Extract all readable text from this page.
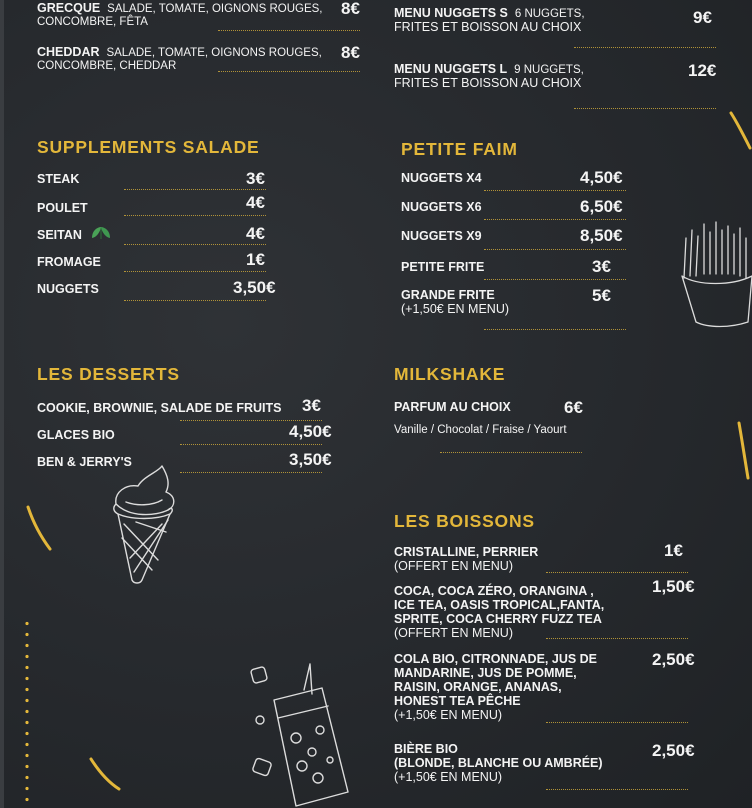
GRECQUE SALADE, TOMATE, OIGNONS ROUGES,
CONCOMBRE, FÊTA
8€
CHEDDAR SALADE, TOMATE, OIGNONS ROUGES,
CONCOMBRE, CHEDDAR
8€
SUPPLEMENTS SALADE
STEAK	3€
POULET	4€
SEITAN	4€
FROMAGE	1€
NUGGETS	3,50€
LES DESSERTS
COOKIE, BROWNIE, SALADE DE FRUITS 3€
GLACES BIO	4,50€
BEN & JERRY'S	3,50€
MENU NUGGETS S 6 NUGGETS,
FRITES ET BOISSON AU CHOIX	9€
MENU NUGGETS L 9 NUGGETS,
FRITES ET BOISSON AU CHOIX
12€
PETITE FAIM
NUGGETS X4	4,50€
NUGGETS X6	6,50€
NUGGETS X9	8,50€
PETITE FRITE	3€
GRANDE FRITE
(+1,50€ EN MENU)
5€
MILKSHAKE
PARFUM AU CHOIX	6€
Vanille / Chocolat / Fraise / Yaourt
LES BOISSONS
CRISTALLINE, PERRIER
(OFFERT EN MENU)
1€
COCA, COCA ZÉRO, ORANGINA ,
ICE TEA, OASIS TROPICAL,FANTA,
SPRITE, COCA CHERRY FUZZ TEA
(OFFERT EN MENU)
1,50€
COLA BIO, CITRONNADE, JUS DE
MANDARINE, JUS DE POMME,
RAISIN, ORANGE, ANANAS,
HONEST TEA PÊCHE
(+1,50€ EN MENU)
2,50€
BIÈRE BIO
(BLONDE, BLANCHE OU AMBRÉE)
(+1,50€ EN MENU)
2,50€
